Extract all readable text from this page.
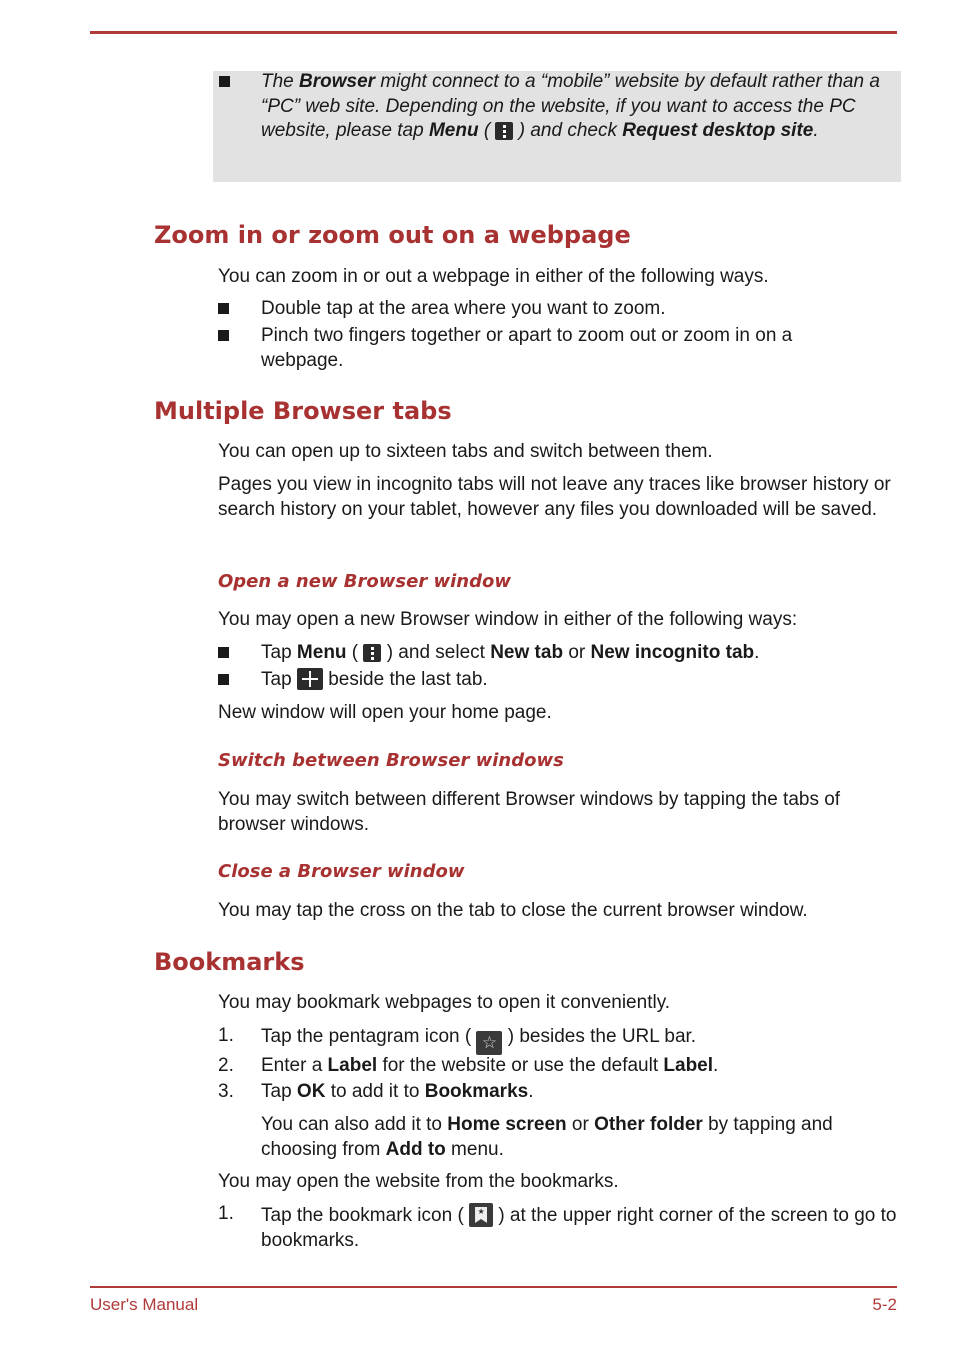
The Browser might connect to a “mobile” website by default rather than a “PC” web site. Depending on the website, if you want to access the PC website, please tap Menu (
) and check Request desktop site.

Zoom in or zoom out on a webpage

You can zoom in or out a webpage in either of the following ways.

Double tap at the area where you want to zoom.

Pinch two fingers together or apart to zoom out or zoom in on a webpage.

Multiple Browser tabs

You can open up to sixteen tabs and switch between them.

Pages you view in incognito tabs will not leave any traces like browser history or search history on your tablet, however any files you downloaded will be saved.

Open a new Browser window

You may open a new Browser window in either of the following ways:

Tap Menu (
) and select New tab or New incognito tab.

Tap  beside the last tab.

New window will open your home page.

Switch between Browser windows

You may switch between different Browser windows by tapping the tabs of browser windows.

Close a Browser window

You may tap the cross on the tab to close the current browser window.

Bookmarks

You may bookmark webpages to open it conveniently.

1. Tap the pentagram icon ( ☆ ) besides the URL bar.

2. Enter a Label for the website or use the default Label.

3. Tap OK to add it to Bookmarks.

You can also add it to Home screen or Other folder by tapping and choosing from Add to menu.

You may open the website from the bookmarks.

1. Tap the bookmark icon (	★ ) at the upper right corner of the screen to go to bookmarks.

User's Manual	5-2
